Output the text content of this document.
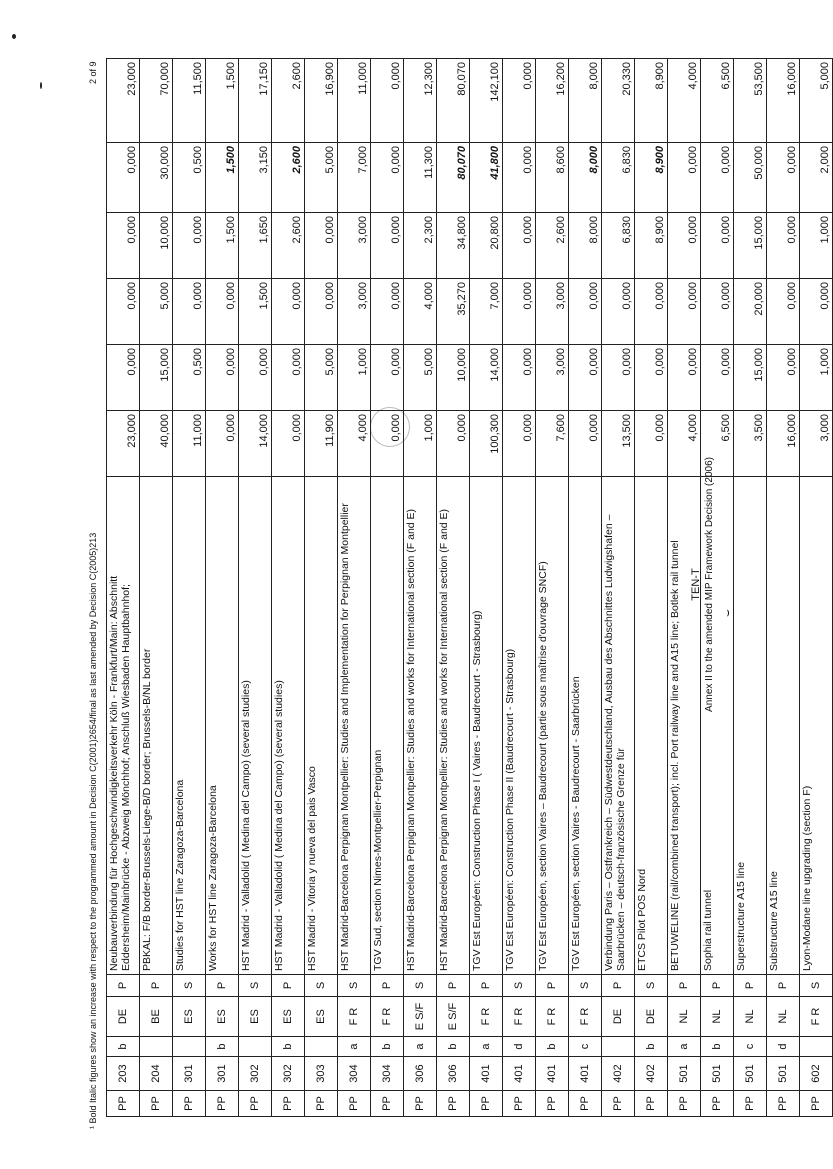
TEN-T Annex II to the amended MIP Framework Decision (2006) ⌣
PP	203	b	DE	P	Neubauverbindung für Hochgeschwindigkeitsverkehr Köln - Frankfurt/Main: Abschnitt Eddersheim/Mainbrücke - Abzweig Mönchhof; Anschluß Wiesbaden Hauptbahnhof;	23,000	0,000	0,000	0,000	0,000	23,000
PP	204		BE	P	PBKAL: F/B border-Brussels-Liege-B/D border; Brussels-B/NL border	40,000	15,000	5,000	10,000	30,000	70,000
PP	301		ES	S	Studies for HST line Zaragoza-Barcelona	11,000	0,500	0,000	0,000	0,500	11,500
PP	301	b	ES	P	Works for HST line Zaragoza-Barcelona	0,000	0,000	0,000	1,500	1,500	1,500
PP	302		ES	S	HST Madrid - Valladolid ( Medina del Campo) (several studies)	14,000	0,000	1,500	1,650	3,150	17,150
PP	302	b	ES	P	HST Madrid - Valladolid ( Medina del Campo) (several studies)	0,000	0,000	0,000	2,600	2,600	2,600
PP	303		ES	S	HST Madrid - Vitoria y nueva del pais Vasco	11,900	5,000	0,000	0,000	5,000	16,900
PP	304	a	F R	S	HST Madrid-Barcelona Perpignan Montpellier: Studies and Implementation for Perpignan Montpellier	4,000	1,000	3,000	3,000	7,000	11,000
PP	304	b	F R	P	TGV Sud, section Nimes-Montpellier-Perpignan	0,000	0,000	0,000	0,000	0,000	0,000
PP	306	a	E S/F	S	HST Madrid-Barcelona Perpignan Montpellier: Studies and works for International section (F and E)	1,000	5,000	4,000	2,300	11,300	12,300
PP	306	b	E S/F	P	HST Madrid-Barcelona Perpignan Montpellier: Studies and works for International section (F and E)	0,000	10,000	35,270	34,800	80,070	80,070
PP	401	a	F R	P	TGV Est Européen: Construction Phase I ( Vaires - Baudrecourt - Strasbourg)	100,300	14,000	7,000	20,800	41,800	142,100
PP	401	d	F R	S	TGV Est Européen: Construction Phase II (Baudrecourt - Strasbourg)	0,000	0,000	0,000	0,000	0,000	0,000
PP	401	b	F R	P	TGV Est Européen, section Vaires – Baudrecourt (partie sous maîtrise d'ouvrage SNCF)	7,600	3,000	3,000	2,600	8,600	16,200
PP	401	c	F R	S	TGV Est Européen, section Vaires - Baudrecourt - Saarbrücken	0,000	0,000	0,000	8,000	8,000	8,000
PP	402		DE	P	Verbindung Paris – Ostfrankreich – Südwestdeutschland, Ausbau des Abschnittes Ludwigshafen – Saarbrücken – deutsch-französische Grenze für	13,500	0,000	0,000	6,830	6,830	20,330
PP	402	b	DE	S	ETCS Pilot POS Nord	0,000	0,000	0,000	8,900	8,900	8,900
PP	501	a	NL	P	BETUWELINE (rail/combined transport); incl. Port railway line and A15 line; Botlek rail tunnel	4,000	0,000	0,000	0,000	0,000	4,000
PP	501	b	NL	P	Sophia rail tunnel	6,500	0,000	0,000	0,000	0,000	6,500
PP	501	c	NL	P	Superstructure A15 line	3,500	15,000	20,000	15,000	50,000	53,500
PP	501	d	NL	P	Substructure A15 line	16,000	0,000	0,000	0,000	0,000	16,000
PP	602		F R	S	Lyon-Modane line upgrading (section F)	3,000	1,000	0,000	1,000	2,000	5,000
¹ Bold Italic figures show an increase with respect to the programmed amount in Decision C(2001)2654/final as last amended by Decision C(2005)213
2 of 9
